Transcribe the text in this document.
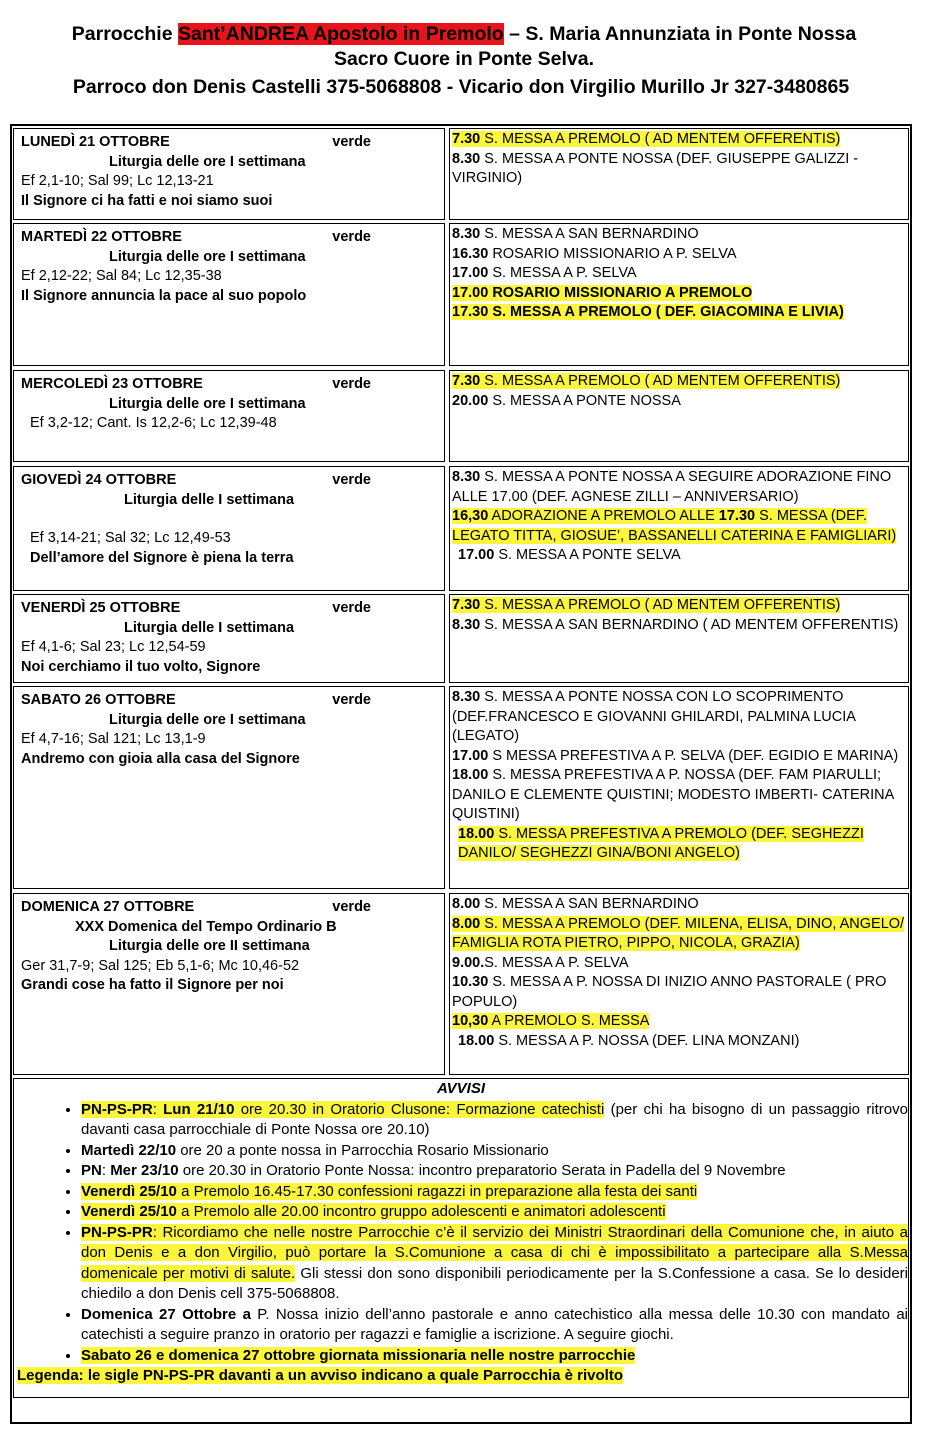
Parrocchie Sant’ANDREA Apostolo in Premolo – S. Maria Annunziata in Ponte Nossa
Sacro Cuore in Ponte Selva.
Parroco don Denis Castelli 375-5068808 - Vicario don Virgilio Murillo Jr 327-3480865
LUNEDÌ 21 OTTOBRE	verde
Liturgia delle ore I settimana
Ef 2,1-10; Sal 99; Lc 12,13-21
Il Signore ci ha fatti e noi siamo suoi
7.30 S. MESSA A PREMOLO ( AD MENTEM OFFERENTIS)
8.30 S. MESSA A PONTE NOSSA (DEF. GIUSEPPE GALIZZI - VIRGINIO)
MARTEDÌ 22 OTTOBRE	verde
Liturgia delle ore I settimana
Ef 2,12-22; Sal 84; Lc 12,35-38
Il Signore annuncia la pace al suo popolo
8.30 S. MESSA A SAN BERNARDINO
16.30 ROSARIO MISSIONARIO A P. SELVA
17.00 S. MESSA A P. SELVA
17.00 ROSARIO MISSIONARIO A PREMOLO
17.30 S. MESSA A PREMOLO ( DEF. GIACOMINA E LIVIA)
MERCOLEDÌ 23 OTTOBRE	verde
Liturgia delle ore I settimana
Ef 3,2-12; Cant. Is 12,2-6; Lc 12,39-48
7.30 S. MESSA A PREMOLO ( AD MENTEM OFFERENTIS)
20.00 S. MESSA A PONTE NOSSA
GIOVEDÌ 24 OTTOBRE	verde
Liturgia delle I settimana
Ef 3,14-21; Sal 32; Lc 12,49-53
Dell’amore del Signore è piena la terra
8.30 S. MESSA A PONTE NOSSA A SEGUIRE ADORAZIONE FINO ALLE 17.00 (DEF. AGNESE ZILLI – ANNIVERSARIO)
16,30 ADORAZIONE A PREMOLO ALLE 17.30 S. MESSA (DEF. LEGATO TITTA, GIOSUE’, BASSANELLI CATERINA E FAMIGLIARI)
17.00 S. MESSA A PONTE SELVA
VENERDÌ 25 OTTOBRE	verde
Liturgia delle I settimana
Ef 4,1-6; Sal 23; Lc 12,54-59
Noi cerchiamo il tuo volto, Signore
7.30 S. MESSA A PREMOLO ( AD MENTEM OFFERENTIS)
8.30 S. MESSA A SAN BERNARDINO ( AD MENTEM OFFERENTIS)
SABATO 26 OTTOBRE	verde
Liturgia delle ore I settimana
Ef 4,7-16; Sal 121; Lc 13,1-9
Andremo con gioia alla casa del Signore
8.30 S. MESSA A PONTE NOSSA CON LO SCOPRIMENTO (DEF.FRANCESCO E GIOVANNI GHILARDI, PALMINA LUCIA (LEGATO)
17.00 S MESSA PREFESTIVA A P. SELVA (DEF. EGIDIO E MARINA)
18.00 S. MESSA PREFESTIVA A P. NOSSA (DEF. FAM PIARULLI; DANILO E CLEMENTE QUISTINI; MODESTO IMBERTI- CATERINA QUISTINI)
18.00 S. MESSA PREFESTIVA A PREMOLO (DEF. SEGHEZZI DANILO/ SEGHEZZI GINA/BONI ANGELO)
DOMENICA 27 OTTOBRE	verde
XXX Domenica del Tempo Ordinario B
Liturgia delle ore II settimana
Ger 31,7-9; Sal 125; Eb 5,1-6; Mc 10,46-52
Grandi cose ha fatto il Signore per noi
8.00 S. MESSA A SAN BERNARDINO
8.00 S. MESSA A PREMOLO (DEF. MILENA, ELISA, DINO, ANGELO/ FAMIGLIA ROTA PIETRO, PIPPO, NICOLA, GRAZIA)
9.00.S. MESSA A P. SELVA
10.30 S. MESSA A P. NOSSA DI INIZIO ANNO PASTORALE ( PRO POPULO)
10,30 A PREMOLO S. MESSA
18.00 S. MESSA A P. NOSSA (DEF. LINA MONZANI)
AVVISI
• PN-PS-PR: Lun 21/10 ore 20.30 in Oratorio Clusone: Formazione catechisti (per chi ha bisogno di un passaggio ritrovo davanti casa parrocchiale di Ponte Nossa ore 20.10)
• Martedì 22/10 ore 20 a ponte nossa in Parrocchia Rosario Missionario
• PN: Mer 23/10 ore 20.30 in Oratorio Ponte Nossa: incontro preparatorio Serata in Padella del 9 Novembre
• Venerdì 25/10 a Premolo 16.45-17.30 confessioni ragazzi in preparazione alla festa dei santi
• Venerdì 25/10 a Premolo alle 20.00 incontro gruppo adolescenti e animatori adolescenti
• PN-PS-PR: Ricordiamo che nelle nostre Parrocchie c’è il servizio dei Ministri Straordinari della Comunione che, in aiuto a don Denis e a don Virgilio, può portare la S.Comunione a casa di chi è impossibilitato a partecipare alla S.Messa domenicale per motivi di salute. Gli stessi don sono disponibili periodicamente per la S.Confessione a casa. Se lo desideri chiedilo a don Denis cell 375-5068808.
• Domenica 27 Ottobre a P. Nossa inizio dell’anno pastorale e anno catechistico alla messa delle 10.30 con mandato ai catechisti a seguire pranzo in oratorio per ragazzi e famiglie a iscrizione. A seguire giochi.
• Sabato 26 e domenica 27 ottobre giornata missionaria nelle nostre parrocchie
Legenda: le sigle PN-PS-PR davanti a un avviso indicano a quale Parrocchia è rivolto
